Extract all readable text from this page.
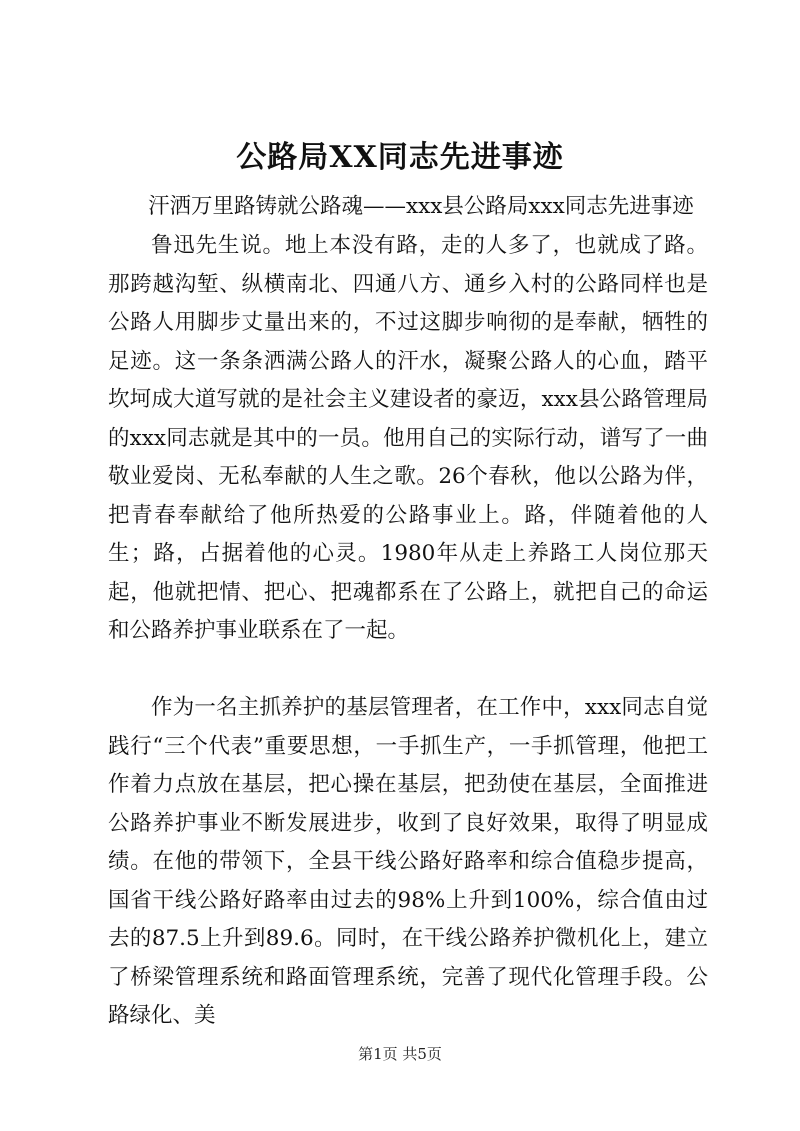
公路局XX同志先进事迹

汗洒万里路铸就公路魂——xxx县公路局xxx同志先进事迹

鲁迅先生说。地上本没有路，走的人多了，也就成了路。那跨越沟堑、纵横南北、四通八方、通乡入村的公路同样也是公路人用脚步丈量出来的，不过这脚步响彻的是奉献，牺牲的足迹。这一条条洒满公路人的汗水，凝聚公路人的心血，踏平坎坷成大道写就的是社会主义建设者的豪迈，xxx县公路管理局的xxx同志就是其中的一员。他用自己的实际行动，谱写了一曲敬业爱岗、无私奉献的人生之歌。26个春秋，他以公路为伴，把青春奉献给了他所热爱的公路事业上。路，伴随着他的人生；路，占据着他的心灵。1980年从走上养路工人岗位那天起，他就把情、把心、把魂都系在了公路上，就把自己的命运和公路养护事业联系在了一起。

作为一名主抓养护的基层管理者，在工作中，xxx同志自觉践行“三个代表”重要思想，一手抓生产，一手抓管理，他把工作着力点放在基层，把心操在基层，把劲使在基层，全面推进公路养护事业不断发展进步，收到了良好效果，取得了明显成绩。在他的带领下，全县干线公路好路率和综合值稳步提高，国省干线公路好路率由过去的98%上升到100%，综合值由过去的87.5上升到89.6。同时，在干线公路养护微机化上，建立了桥梁管理系统和路面管理系统，完善了现代化管理手段。公路绿化、美

第1页 共5页
